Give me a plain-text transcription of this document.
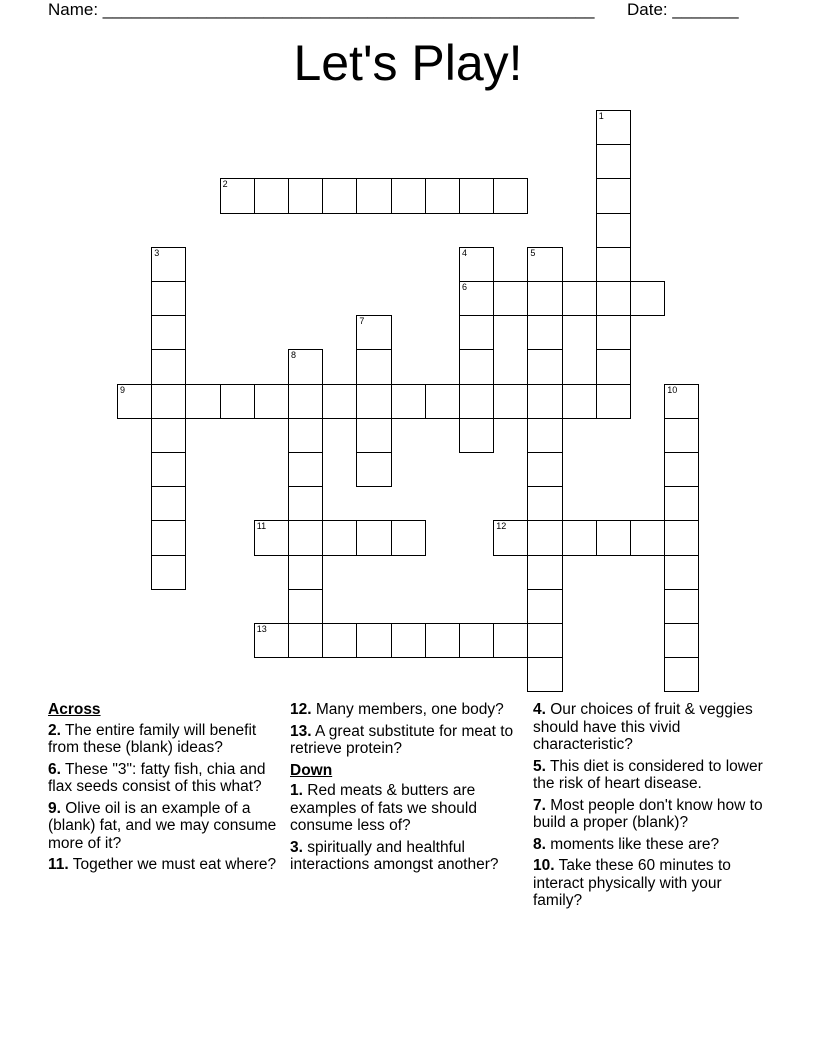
Name: ____________________________________________________ Date: _______
Let's Play!
1
2
3	4
6
5
7
8
9	10
11	12
13
Across
2. The entire family will benefit from these (blank) ideas?
6. These "3": fatty fish, chia and flax seeds consist of this what?
9. Olive oil is an example of a (blank) fat, and we may consume more of it?
11. Together we must eat where?
12. Many members, one body?
13. A great substitute for meat to retrieve protein?
Down
1. Red meats & butters are examples of fats we should consume less of?
3. spiritually and healthful interactions amongst another?
4. Our choices of fruit & veggies should have this vivid characteristic?
5. This diet is considered to lower the risk of heart disease.
7. Most people don't know how to build a proper (blank)?
8. moments like these are?
10. Take these 60 minutes to interact physically with your family?
